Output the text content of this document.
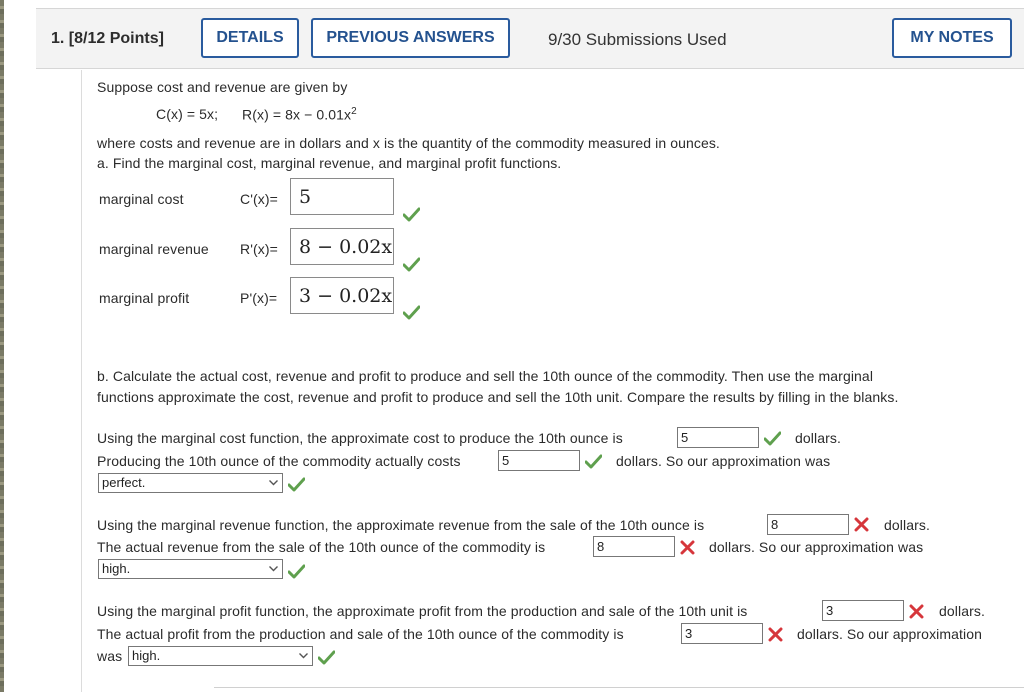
1. [8/12 Points]	DETAILS	PREVIOUS ANSWERS	9/30 Submissions Used	MY NOTES
Suppose cost and revenue are given by
C(x) = 5x; $R(x) = 8x - 0.01x^2$
where costs and revenue are in dollars and x is the quantity of the commodity measured in ounces.
a. Find the marginal cost, marginal revenue, and marginal profit functions.
marginal cost	C'(x)=	5
marginal revenue R'(x)=	8 − 0.02x
marginal profit	P'(x)=	3 − 0.02x
b. Calculate the actual cost, revenue and profit to produce and sell the 10th ounce of the commodity. Then use the marginal
functions approximate the cost, revenue and profit to produce and sell the 10th unit. Compare the results by filling in the blanks.
Using the marginal cost function, the approximate cost to produce the 10th ounce is	5	dollars.
Producing the 10th ounce of the commodity actually costs	5	dollars. So our approximation was
perfect.
Using the marginal revenue function, the approximate revenue from the sale of the 10th ounce is	8	dollars.
The actual revenue from the sale of the 10th ounce of the commodity is	8	dollars. So our approximation was
high.
Using the marginal profit function, the approximate profit from the production and sale of the 10th unit is	3	dollars.
The actual profit from the production and sale of the 10th ounce of the commodity is	3	dollars. So our approximation
was high.
